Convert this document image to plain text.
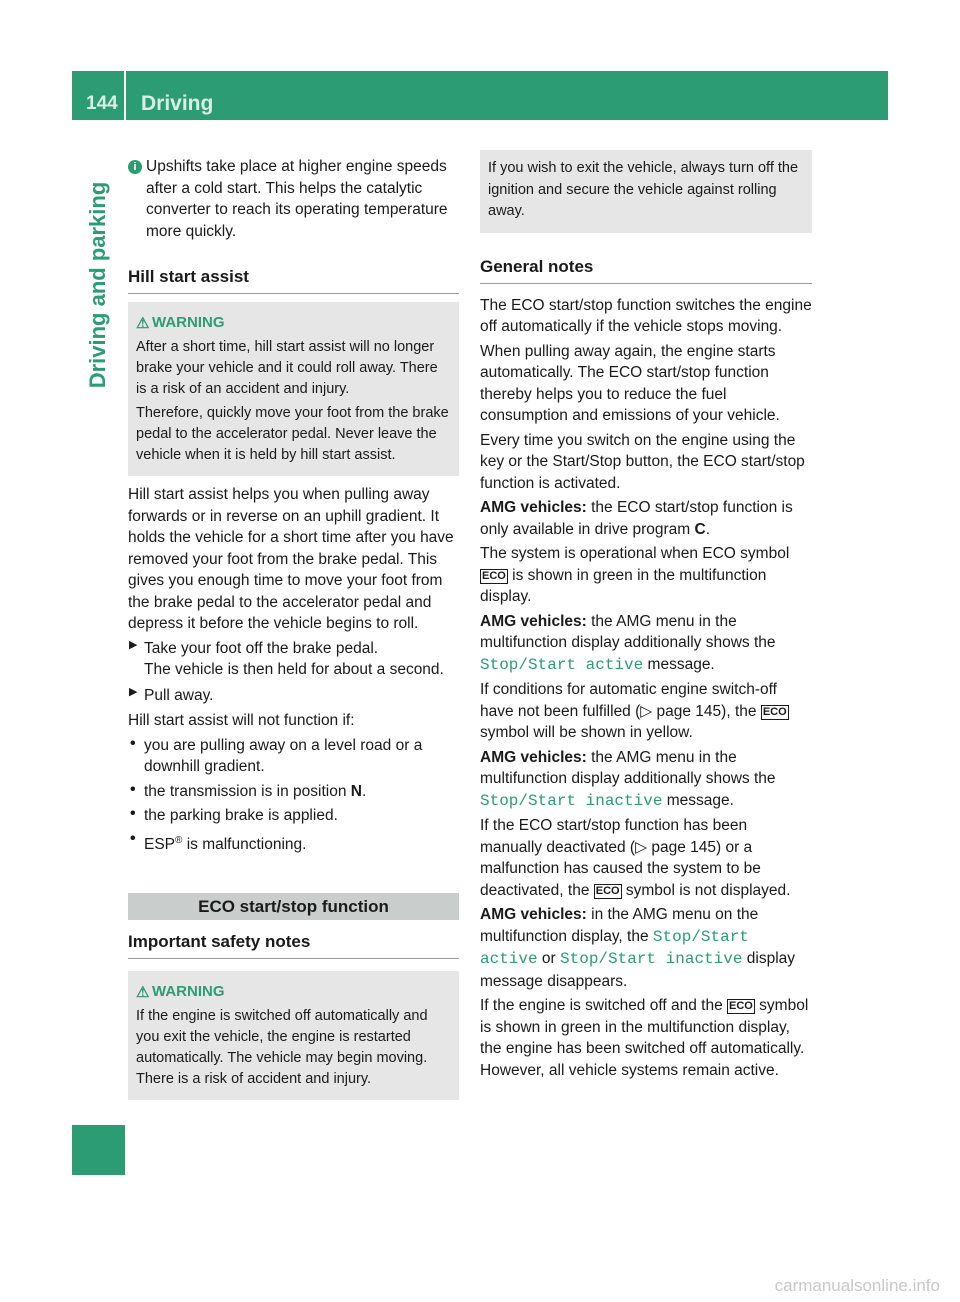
144	Driving
Driving and parking
i Upshifts take place at higher engine speeds after a cold start. This helps the catalytic converter to reach its operating temperature more quickly.

Hill start assist
⚠ WARNING

After a short time, hill start assist will no longer brake your vehicle and it could roll away. There is a risk of an accident and injury.

Therefore, quickly move your foot from the brake pedal to the accelerator pedal. Never leave the vehicle when it is held by hill start assist.

Hill start assist helps you when pulling away forwards or in reverse on an uphill gradient. It holds the vehicle for a short time after you have removed your foot from the brake pedal. This gives you enough time to move your foot from the brake pedal to the accelerator pedal and depress it before the vehicle begins to roll.

▶ Take your foot off the brake pedal.

The vehicle is then held for about a second.

▶ Pull away.

Hill start assist will not function if:

• you are pulling away on a level road or a downhill gradient.

• the transmission is in position N.

• the parking brake is applied.

• ESP® is malfunctioning.

ECO start/stop function
Important safety notes
⚠ WARNING

If the engine is switched off automatically and you exit the vehicle, the engine is restarted automatically. The vehicle may begin moving. There is a risk of accident and injury.

If you wish to exit the vehicle, always turn off the ignition and secure the vehicle against rolling away.

General notes

The ECO start/stop function switches the engine off automatically if the vehicle stops moving.

When pulling away again, the engine starts automatically. The ECO start/stop function thereby helps you to reduce the fuel consumption and emissions of your vehicle.

Every time you switch on the engine using the key or the Start/Stop button, the ECO start/stop function is activated.

AMG vehicles: the ECO start/stop function is only available in drive program C.

The system is operational when ECO symbol ECO is shown in green in the multifunction display.

AMG vehicles: the AMG menu in the multifunction display additionally shows the Stop/Start active message.

If conditions for automatic engine switch-off have not been fulfilled (▷ page 145), the ECO symbol will be shown in yellow.

AMG vehicles: the AMG menu in the multifunction display additionally shows the Stop/Start inactive message.

If the ECO start/stop function has been manually deactivated (▷ page 145) or a malfunction has caused the system to be deactivated, the ECO symbol is not displayed.

AMG vehicles: in the AMG menu on the multifunction display, the Stop/Start active or Stop/Start inactive display message disappears.

If the engine is switched off and the ECO symbol is shown in green in the multifunction display, the engine has been switched off automatically. However, all vehicle systems remain active.

carmanualsonline.info
